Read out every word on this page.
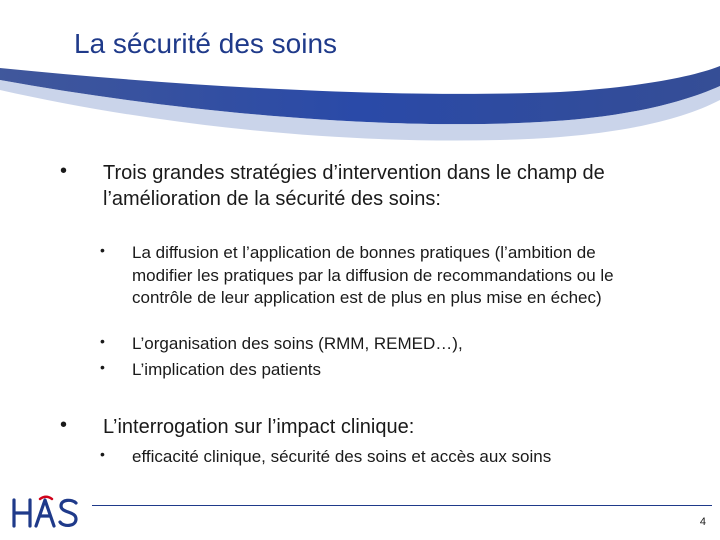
La sécurité des soins
• Trois grandes stratégies d’intervention dans le champ de l’amélioration de la sécurité des soins:
• La diffusion et l’application de bonnes pratiques (l’ambition de modifier les pratiques par la diffusion de recommandations ou le contrôle de leur application est de plus en plus mise en échec)
• L’organisation des soins (RMM, REMED…),
• L’implication des patients
• L’interrogation sur l’impact clinique:
• efficacité clinique, sécurité des soins et accès aux soins
4
